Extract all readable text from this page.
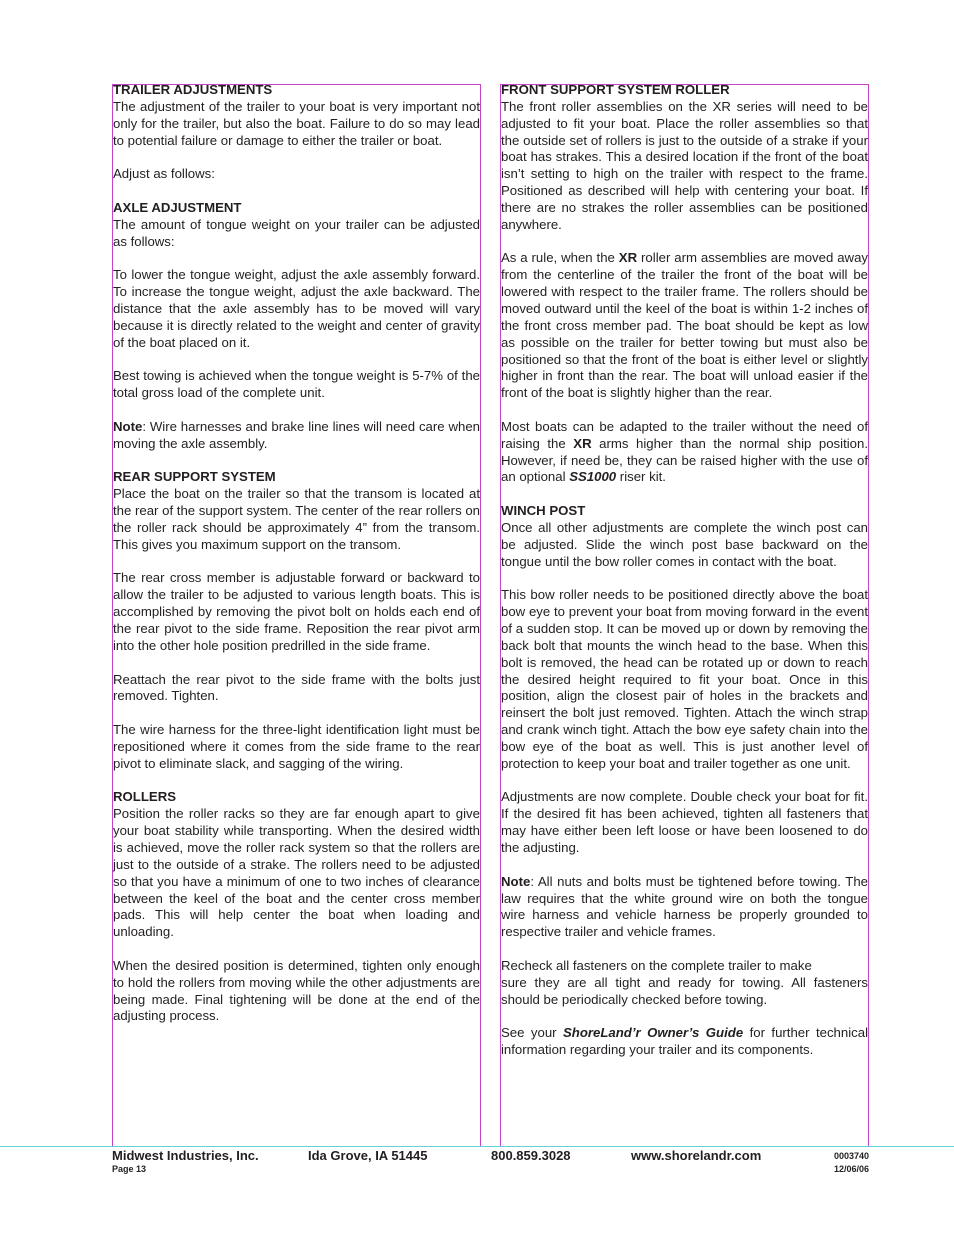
TRAILER ADJUSTMENTS

The adjustment of the trailer to your boat is very important not only for the trailer, but also the boat. Failure to do so may lead to potential failure or damage to either the trailer or boat.

Adjust as follows:

AXLE ADJUSTMENT

The amount of tongue weight on your trailer can be adjusted as follows:

To lower the tongue weight, adjust the axle assembly forward. To increase the tongue weight, adjust the axle backward. The distance that the axle assembly has to be moved will vary because it is directly related to the weight and center of gravity of the boat placed on it.

Best towing is achieved when the tongue weight is 5-7% of the total gross load of the complete unit.

Note: Wire harnesses and brake line lines will need care when moving the axle assembly.

REAR SUPPORT SYSTEM

Place the boat on the trailer so that the transom is located at the rear of the support system. The center of the rear rollers on the roller rack should be approximately 4” from the transom. This gives you maximum support on the transom.

The rear cross member is adjustable forward or backward to allow the trailer to be adjusted to various length boats. This is accomplished by removing the pivot bolt on holds each end of the rear pivot to the side frame. Reposition the rear pivot arm into the other hole position predrilled in the side frame.

Reattach the rear pivot to the side frame with the bolts just removed. Tighten.

The wire harness for the three-light identification light must be repositioned where it comes from the side frame to the rear pivot to eliminate slack, and sagging of the wiring.

ROLLERS

Position the roller racks so they are far enough apart to give your boat stability while transporting. When the desired width is achieved, move the roller rack system so that the rollers are just to the outside of a strake. The rollers need to be adjusted so that you have a minimum of one to two inches of clearance between the keel of the boat and the center cross member pads. This will help center the boat when loading and unloading.

When the desired position is determined, tighten only enough to hold the rollers from moving while the other adjustments are being made. Final tightening will be done at the end of the adjusting process.

FRONT SUPPORT SYSTEM ROLLER

The front roller assemblies on the XR series will need to be adjusted to fit your boat. Place the roller assemblies so that the outside set of rollers is just to the outside of a strake if your boat has strakes. This a desired location if the front of the boat isn’t setting to high on the trailer with respect to the frame. Positioned as described will help with centering your boat. If there are no strakes the roller assemblies can be positioned anywhere.

As a rule, when the XR roller arm assemblies are moved away from the centerline of the trailer the front of the boat will be lowered with respect to the trailer frame. The rollers should be moved outward until the keel of the boat is within 1-2 inches of the front cross member pad. The boat should be kept as low as possible on the trailer for better towing but must also be positioned so that the front of the boat is either level or slightly higher in front than the rear. The boat will unload easier if the front of the boat is slightly higher than the rear.

Most boats can be adapted to the trailer without the need of raising the XR arms higher than the normal ship position. However, if need be, they can be raised higher with the use of an optional SS1000 riser kit.

WINCH POST

Once all other adjustments are complete the winch post can be adjusted. Slide the winch post base backward on the tongue until the bow roller comes in contact with the boat.

This bow roller needs to be positioned directly above the boat bow eye to prevent your boat from moving forward in the event of a sudden stop. It can be moved up or down by removing the back bolt that mounts the winch head to the base. When this bolt is removed, the head can be rotated up or down to reach the desired height required to fit your boat. Once in this position, align the closest pair of holes in the brackets and reinsert the bolt just removed. Tighten. Attach the winch strap and crank winch tight. Attach the bow eye safety chain into the bow eye of the boat as well. This is just another level of protection to keep your boat and trailer together as one unit.

Adjustments are now complete. Double check your boat for fit. If the desired fit has been achieved, tighten all fasteners that may have either been left loose or have been loosened to do the adjusting.

Note: All nuts and bolts must be tightened before towing. The law requires that the white ground wire on both the tongue wire harness and vehicle harness be properly grounded to respective trailer and vehicle frames.

Recheck all fasteners on the complete trailer to make

sure they are all tight and ready for towing. All fasteners should be periodically checked before towing.

See your ShoreLand’r Owner’s Guide for further technical information regarding your trailer and its components.

Midwest Industries, Inc.
Page 13
Ida Grove, IA 51445	800.859.3028	www.shorelandr.com	0003740
12/06/06
